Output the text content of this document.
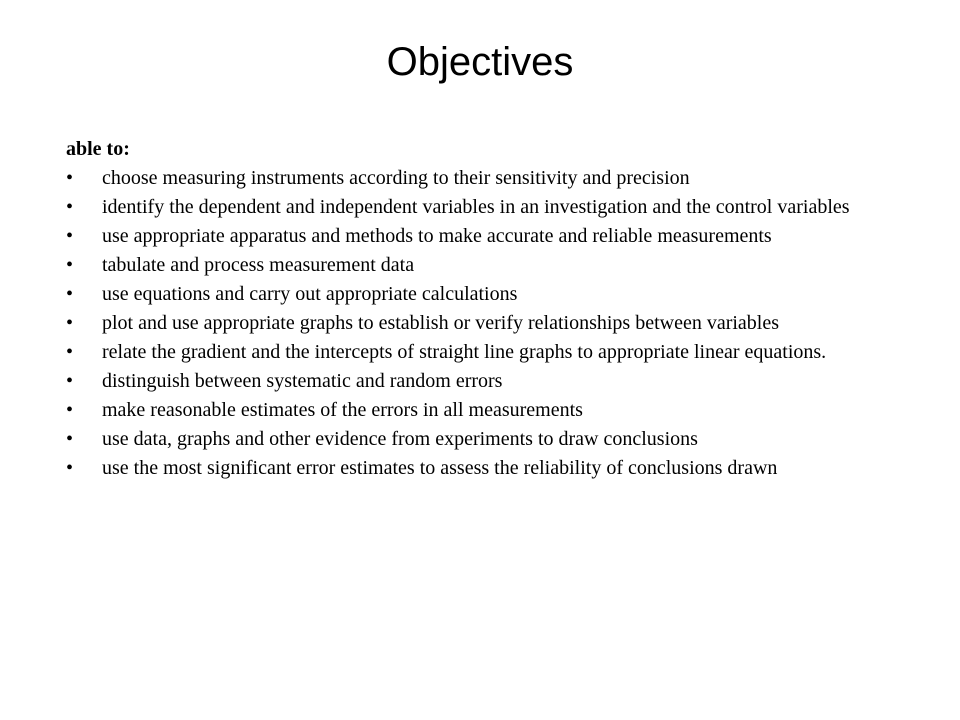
Objectives

able to:

• choose measuring instruments according to their sensitivity and precision
• identify the dependent and independent variables in an investigation and the control variables
• use appropriate apparatus and methods to make accurate and reliable measurements
• tabulate and process measurement data
• use equations and carry out appropriate calculations
• plot and use appropriate graphs to establish or verify relationships between variables
• relate the gradient and the intercepts of straight line graphs to appropriate linear equations.
• distinguish between systematic and random errors
• make reasonable estimates of the errors in all measurements
• use data, graphs and other evidence from experiments to draw conclusions
• use the most significant error estimates to assess the reliability of conclusions drawn
